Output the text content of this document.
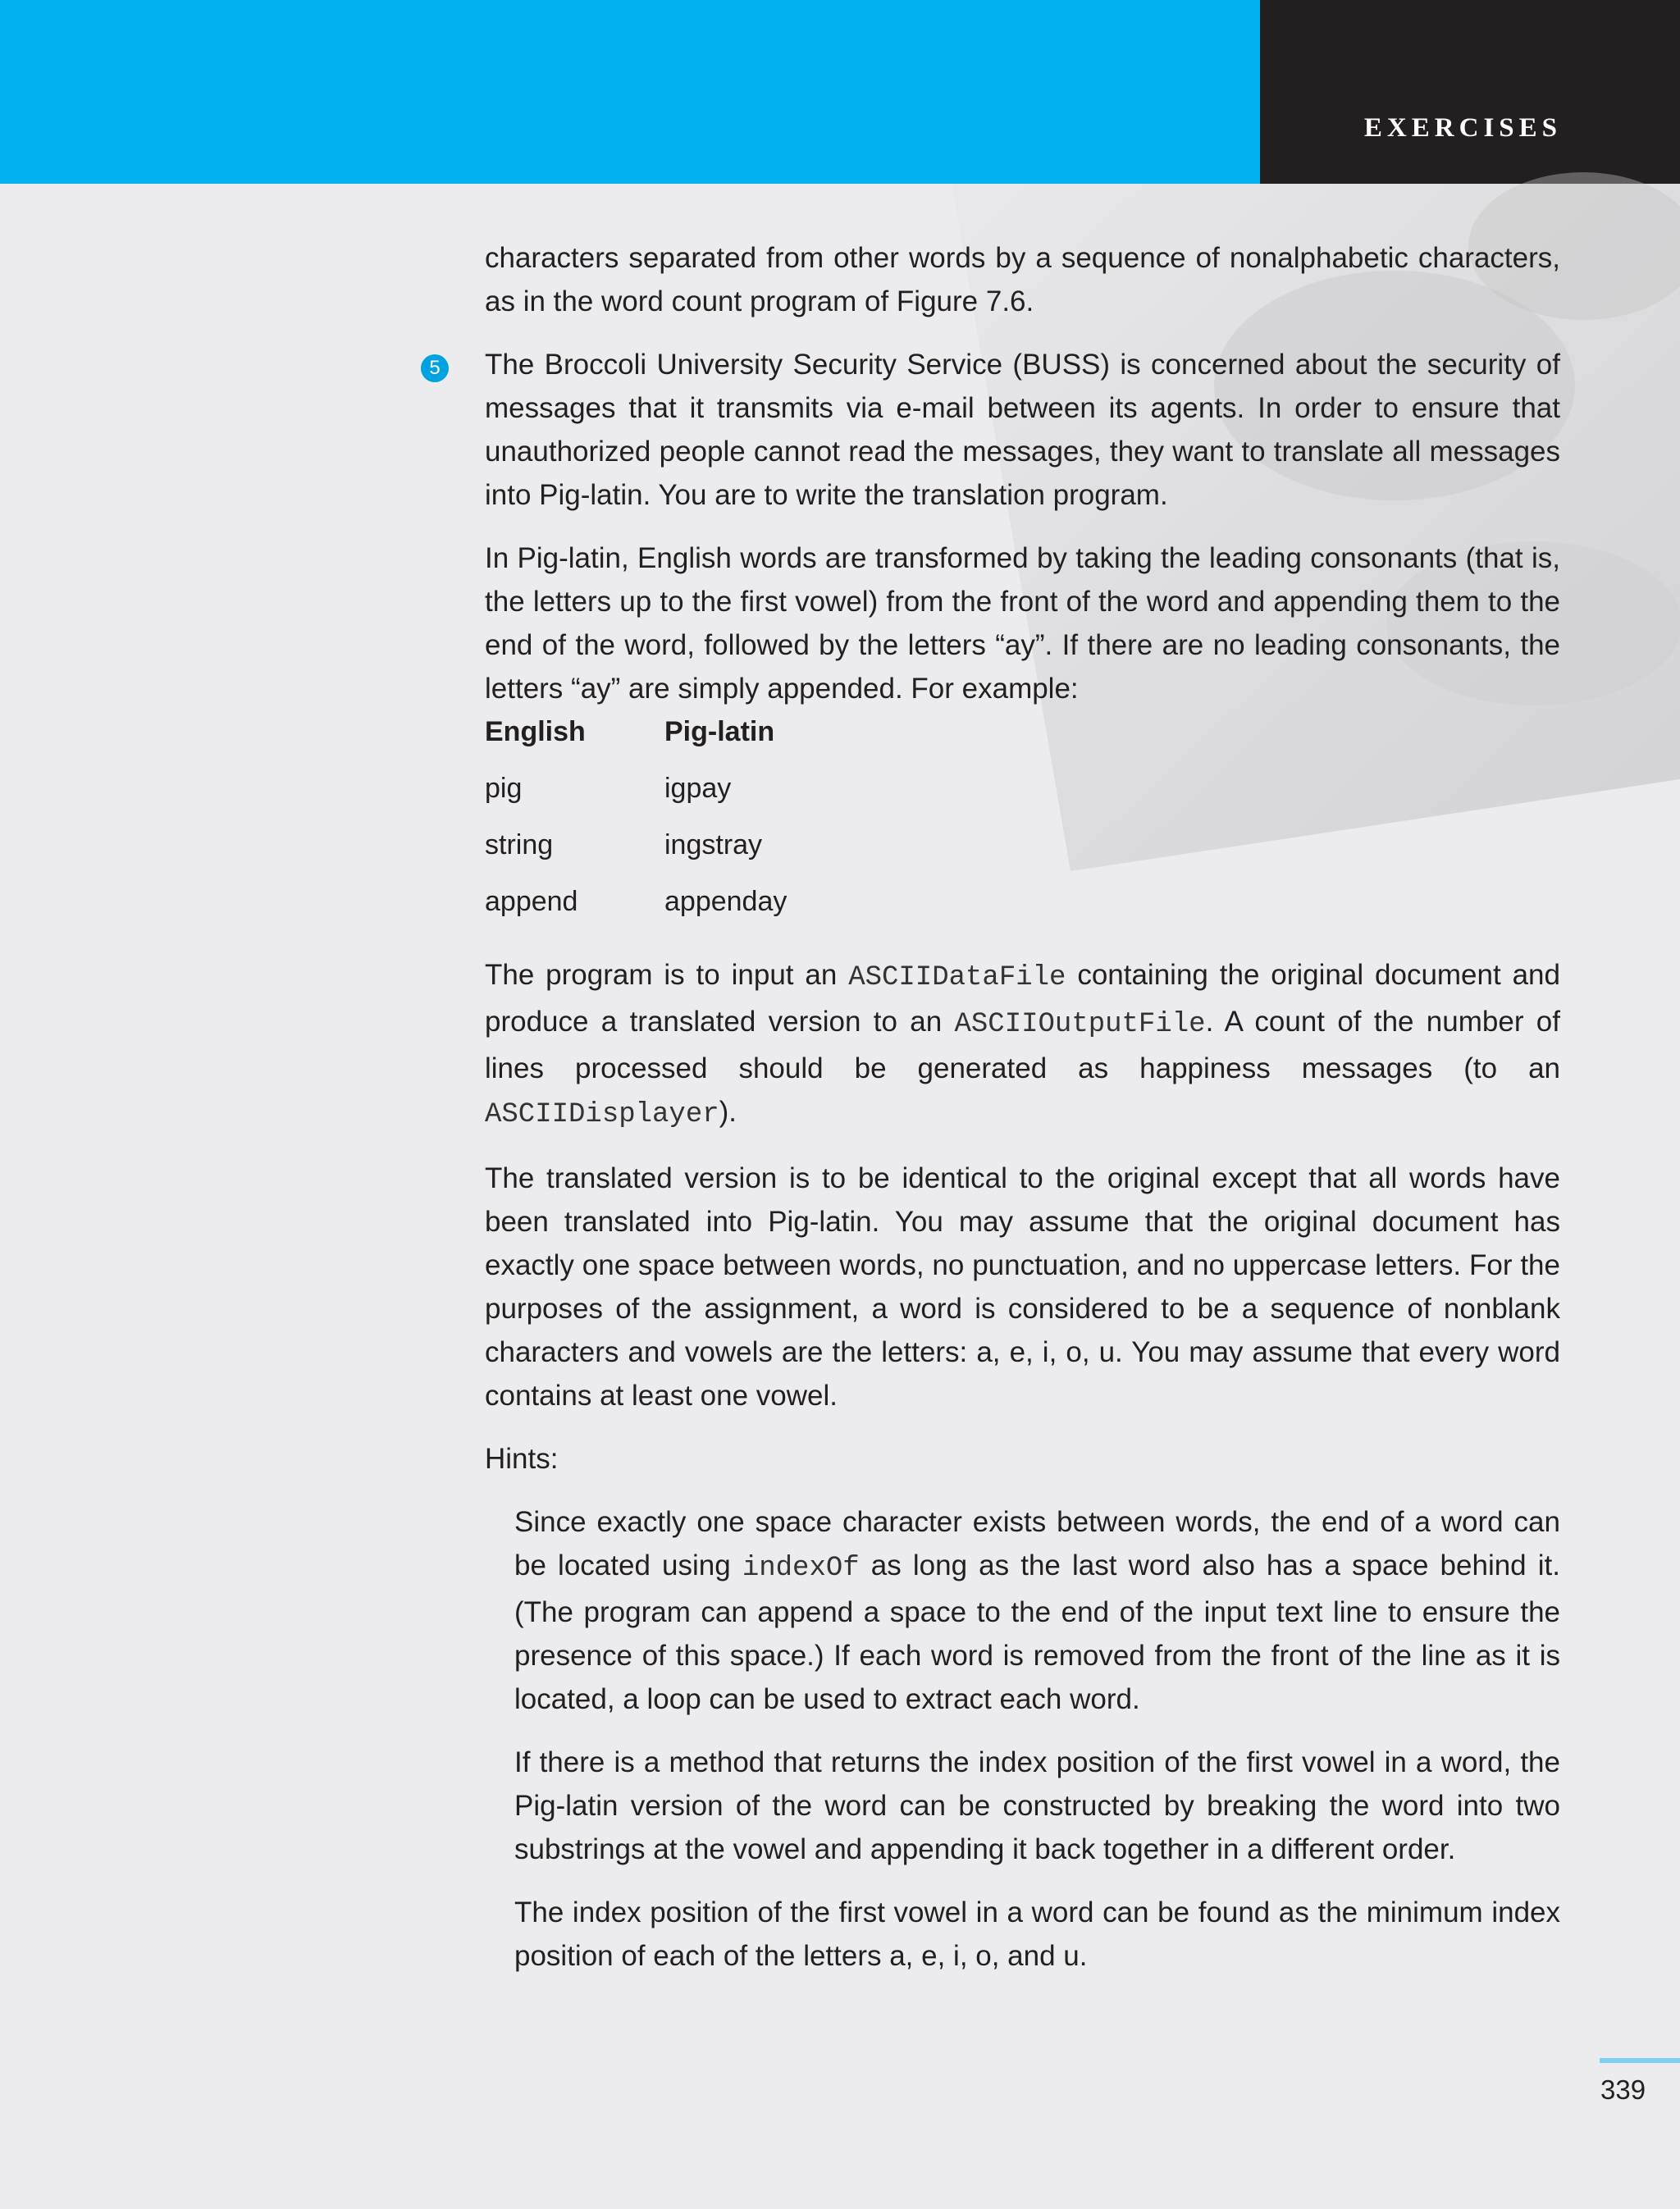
EXERCISES

characters separated from other words by a sequence of nonalphabetic characters, as in the word count program of Figure 7.6.

5 The Broccoli University Security Service (BUSS) is concerned about the security of messages that it transmits via e-mail between its agents. In order to ensure that unauthorized people cannot read the messages, they want to translate all messages into Pig-latin. You are to write the translation program.

In Pig-latin, English words are transformed by taking the leading consonants (that is, the letters up to the first vowel) from the front of the word and appending them to the end of the word, followed by the letters “ay”. If there are no leading consonants, the letters “ay” are simply appended. For example:

English	Pig-latin
pig	igpay
string	ingstray
append	appenday

The program is to input an ASCIIDataFile containing the original document and produce a translated version to an ASCIIOutputFile. A count of the number of lines processed should be generated as happiness messages (to an ASCIIDisplayer).

The translated version is to be identical to the original except that all words have been translated into Pig-latin. You may assume that the original document has exactly one space between words, no punctuation, and no uppercase letters. For the purposes of the assignment, a word is considered to be a sequence of nonblank characters and vowels are the letters: a, e, i, o, u. You may assume that every word contains at least one vowel.

Hints:

Since exactly one space character exists between words, the end of a word can be located using indexOf as long as the last word also has a space behind it. (The program can append a space to the end of the input text line to ensure the presence of this space.) If each word is removed from the front of the line as it is located, a loop can be used to extract each word.

If there is a method that returns the index position of the first vowel in a word, the Pig-latin version of the word can be constructed by breaking the word into two substrings at the vowel and appending it back together in a different order.

The index position of the first vowel in a word can be found as the minimum index position of each of the letters a, e, i, o, and u.

339
